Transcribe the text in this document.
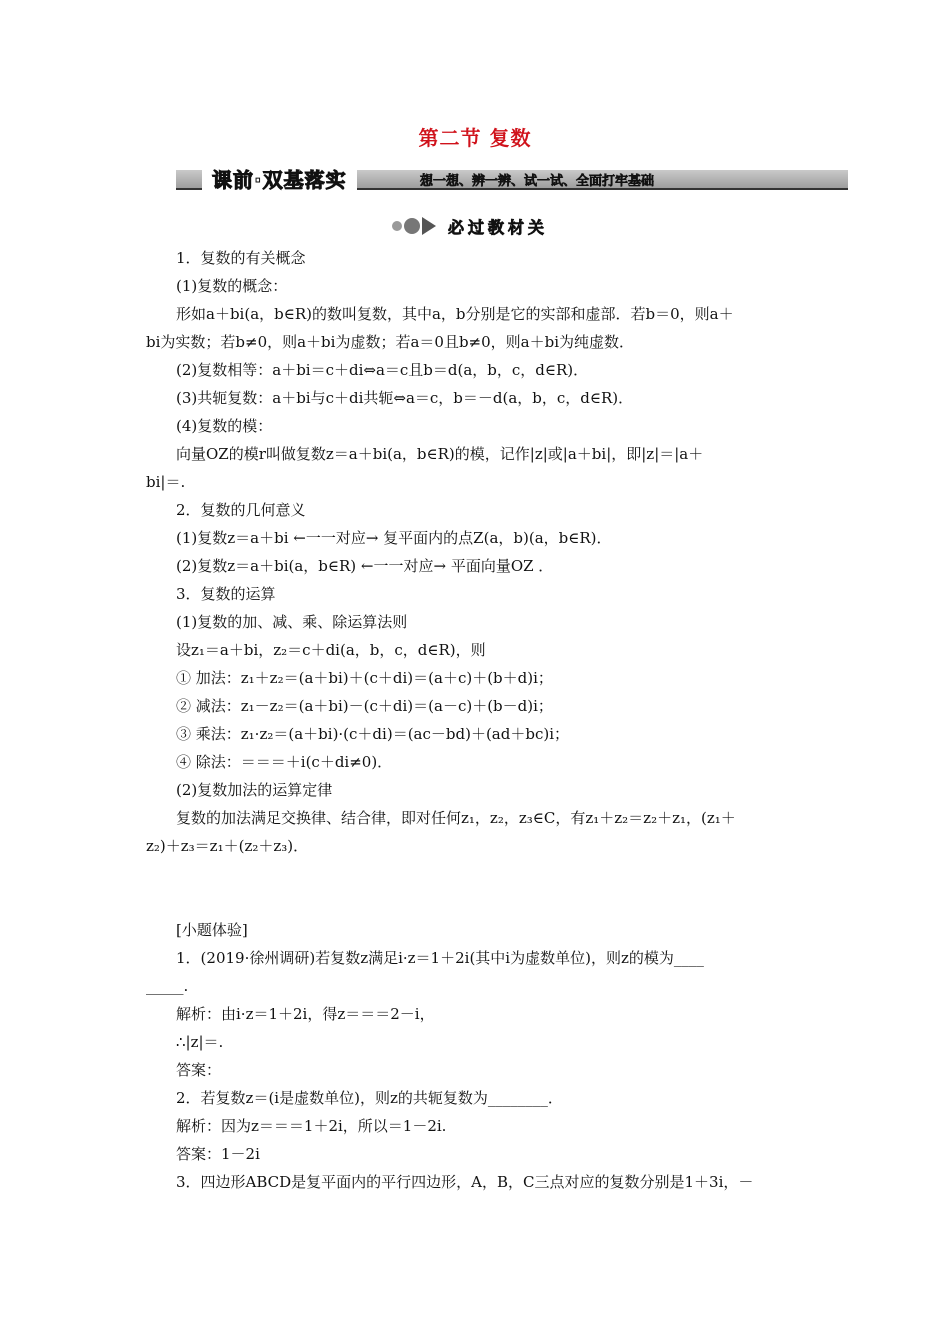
第二节 复数
课前·双基落实	想一想、辨一辨、试一试、全面打牢基础
必过教材关
1．复数的有关概念
(1)复数的概念：
形如a＋bi(a，b∈R)的数叫复数，其中a，b分别是它的实部和虚部．若b＝0，则a＋
bi为实数；若b≠0，则a＋bi为虚数；若a＝0且b≠0，则a＋bi为纯虚数．
(2)复数相等：a＋bi＝c＋di⇔a＝c且b＝d(a，b，c，d∈R)．
(3)共轭复数：a＋bi与c＋di共轭⇔a＝c，b＝－d(a，b，c，d∈R)．
(4)复数的模：
向量OZ的模r叫做复数z＝a＋bi(a，b∈R)的模，记作|z|或|a＋bi|，即|z|＝|a＋
bi|＝.
2．复数的几何意义
(1)复数z＝a＋bi ←一一对应→ 复平面内的点Z(a，b)(a，b∈R)．
(2)复数z＝a＋bi(a，b∈R) ←一一对应→ 平面向量OZ ．
3．复数的运算
(1)复数的加、减、乘、除运算法则
设z₁＝a＋bi，z₂＝c＋di(a，b，c，d∈R)，则
① 加法：z₁＋z₂＝(a＋bi)＋(c＋di)＝(a＋c)＋(b＋d)i；
② 减法：z₁－z₂＝(a＋bi)－(c＋di)＝(a－c)＋(b－d)i；
③ 乘法：z₁·z₂＝(a＋bi)·(c＋di)＝(ac－bd)＋(ad＋bc)i；
④ 除法：＝＝＝＋i(c＋di≠0)．
(2)复数加法的运算定律
复数的加法满足交换律、结合律，即对任何z₁，z₂，z₃∈C，有z₁＋z₂＝z₂＋z₁，(z₁＋
z₂)＋z₃＝z₁＋(z₂＋z₃)．
[小题体验]
1．(2019·徐州调研)若复数z满足i·z＝1＋2i(其中i为虚数单位)，则z的模为____
_____.
解析：由i·z＝1＋2i，得z＝＝＝2－i，
∴|z|＝.
答案：
2．若复数z＝(i是虚数单位)，则z的共轭复数为________．
解析：因为z＝＝＝1＋2i，所以＝1－2i.
答案：1－2i
3．四边形ABCD是复平面内的平行四边形，A，B，C三点对应的复数分别是1＋3i，－
